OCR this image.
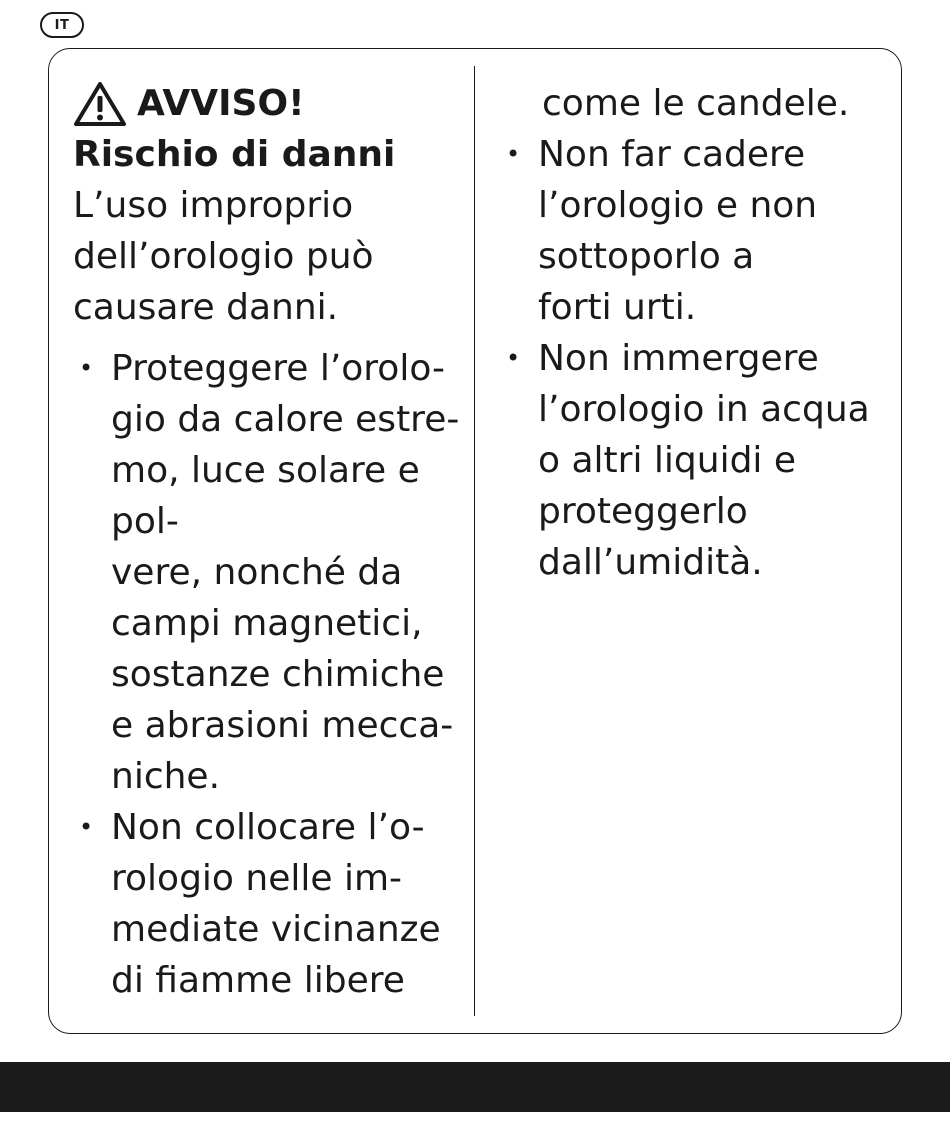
IT
AVVISO!
Rischio di danni
L’uso improprio
dell’orologio può
causare danni.
• Proteggere l’orolo-
gio da calore estre-
mo, luce solare e
pol-
vere, nonché da
campi magnetici,
sostanze chimiche
e abrasioni mecca-
niche.
• Non collocare l’o-
rologio nelle im-
mediate vicinanze
di fiamme libere
come le candele.
• Non far cadere
l’orologio e non
sottoporlo a
forti urti.
• Non immergere
l’orologio in acqua
o altri liquidi e
proteggerlo
dall’umidità.
